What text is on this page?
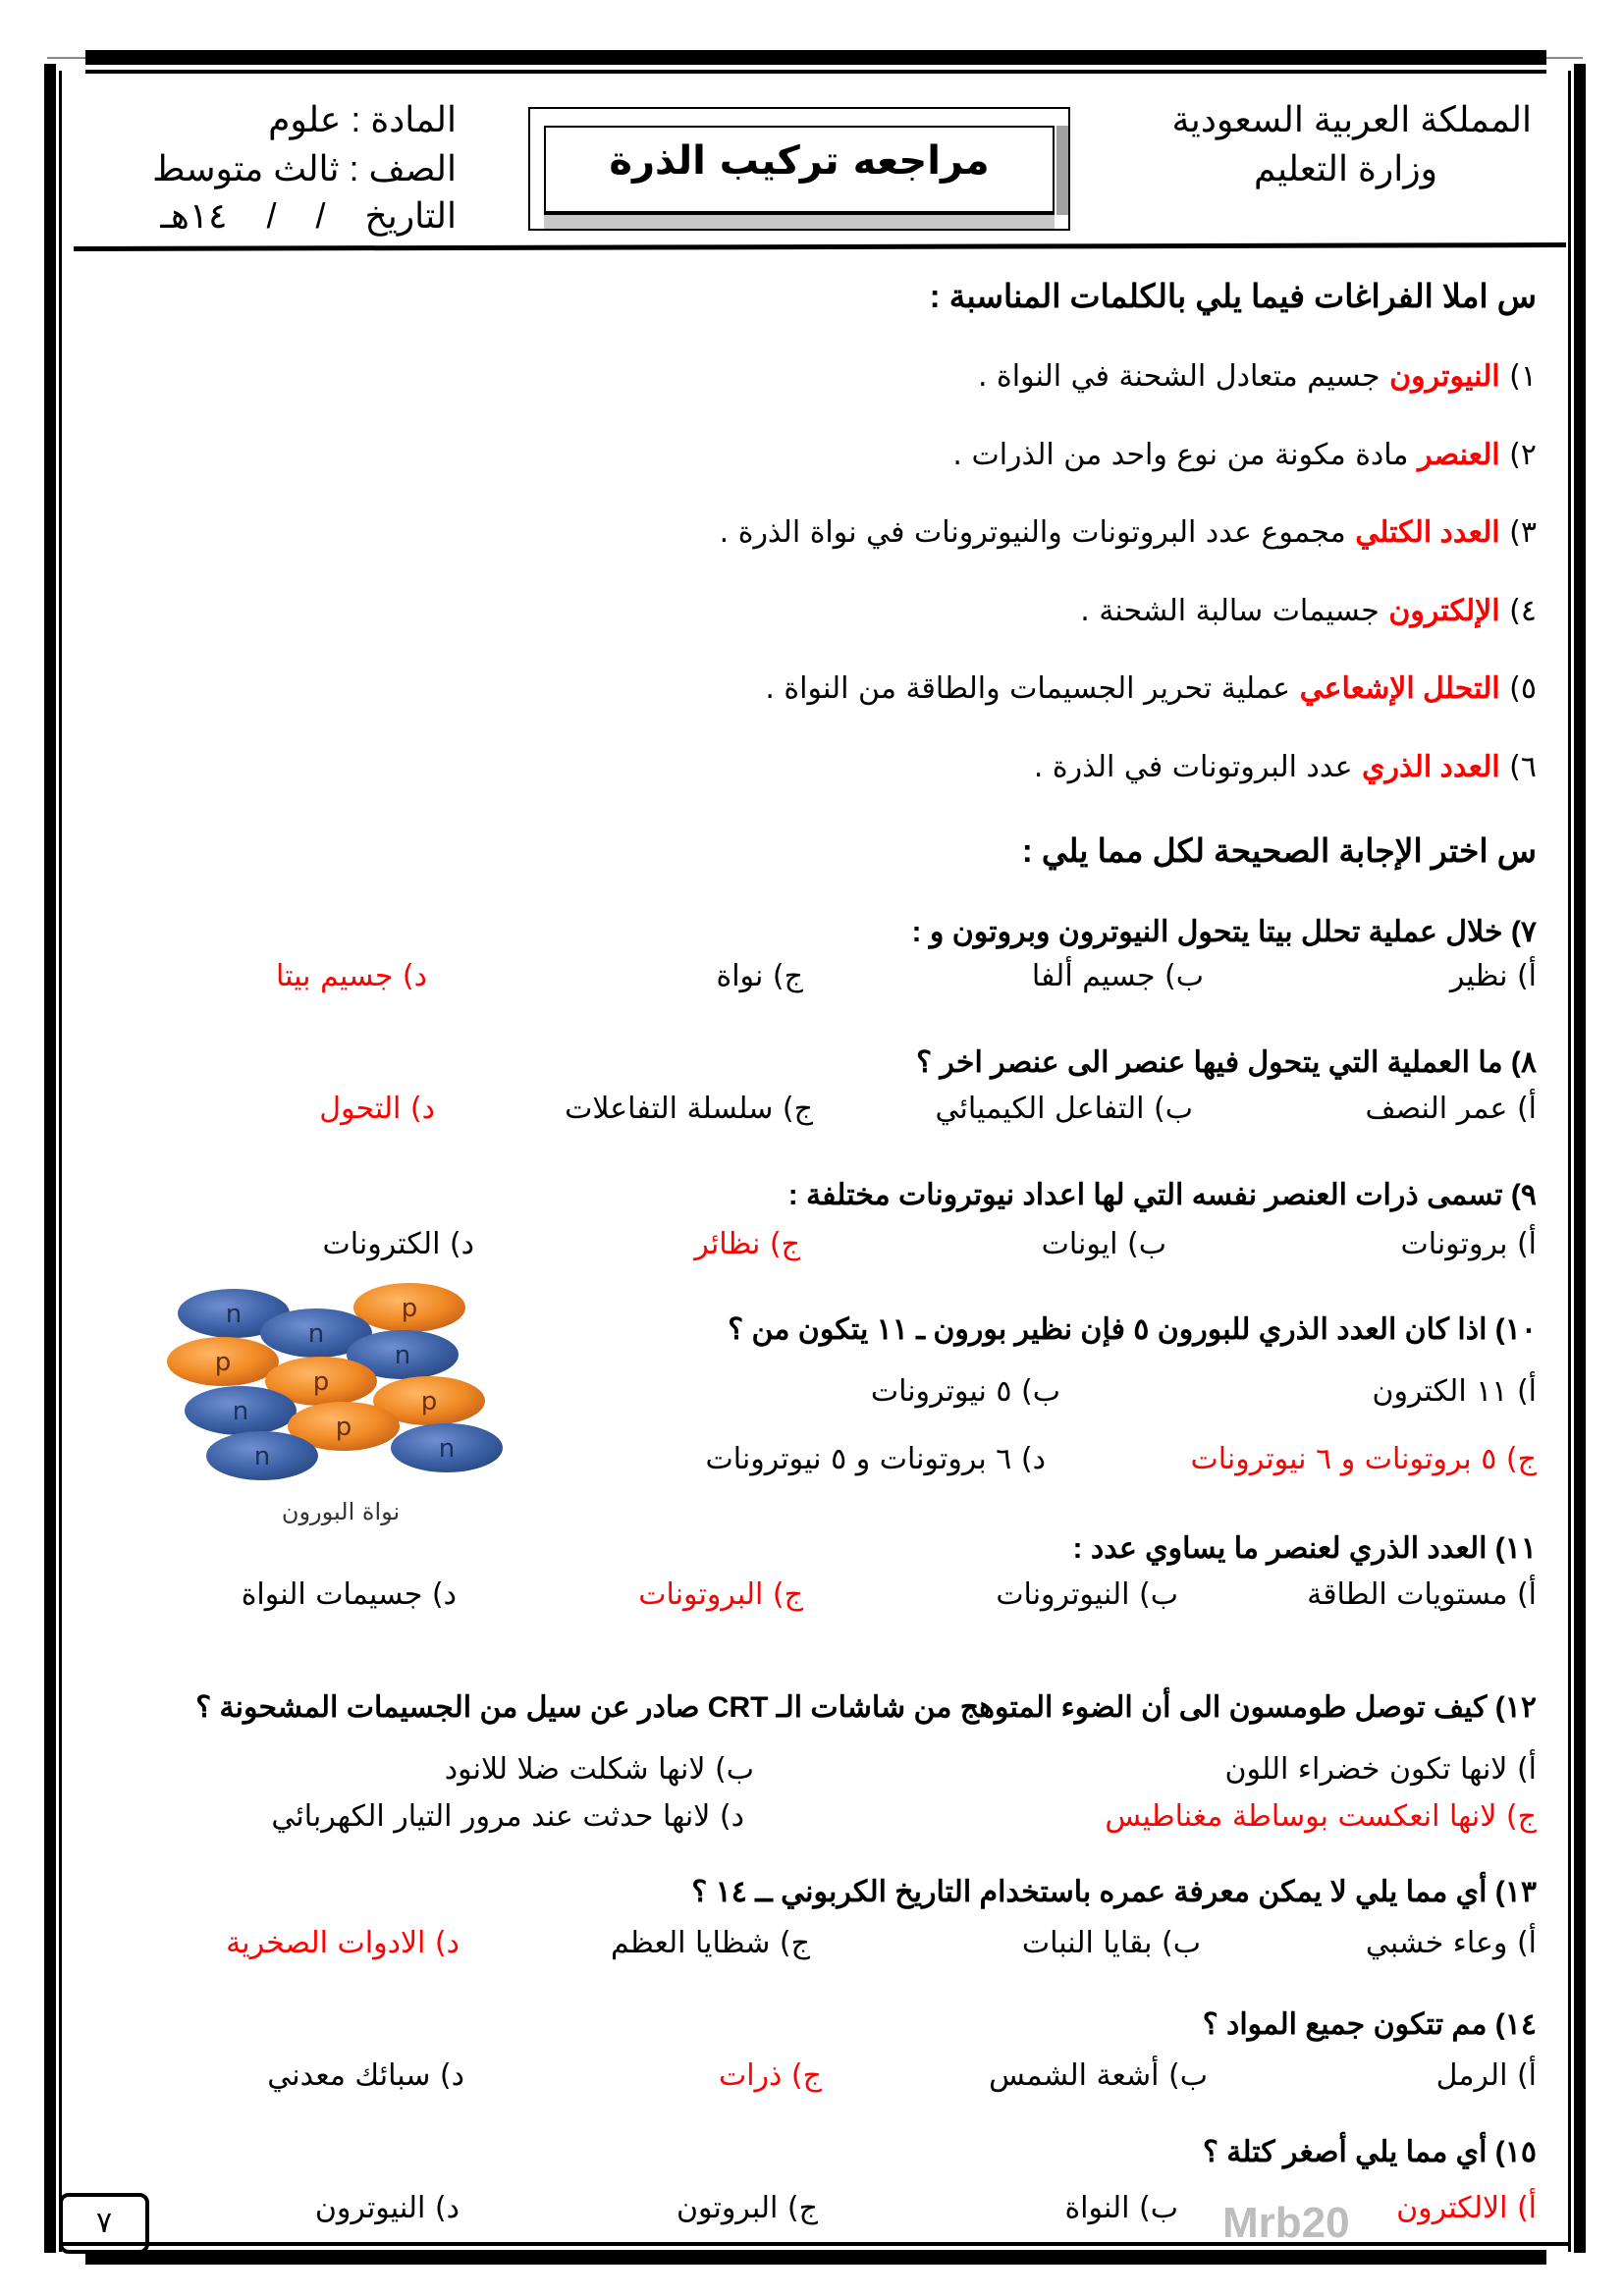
المملكة العربية السعودية
وزارة التعليم
مراجعه تركيب الذرة
المادة : علوم
الصف : ثالث متوسط
التاريخ    /    /    ١٤هـ
س املا الفراغات فيما يلي بالكلمات المناسبة :
١) النيوترون جسيم متعادل الشحنة في النواة .
٢) العنصر مادة مكونة من نوع واحد من الذرات .
٣) العدد الكتلي مجموع عدد البروتونات والنيوترونات في نواة الذرة .
٤) الإلكترون جسيمات سالبة الشحنة .
٥) التحلل الإشعاعي عملية تحرير الجسيمات والطاقة من النواة .
٦) العدد الذري عدد البروتونات في الذرة .
س اختر الإجابة الصحيحة لكل مما يلي :
٧) خلال عملية تحلل بيتا يتحول النيوترون وبروتون و :
أ) نظير
ب) جسيم ألفا
ج) نواة
د) جسيم بيتا
٨) ما العملية التي يتحول فيها عنصر الى عنصر اخر ؟
أ) عمر النصف
ب) التفاعل الكيميائي
ج) سلسلة التفاعلات
د) التحول
٩) تسمى ذرات العنصر نفسه التي لها اعداد نيوترونات مختلفة :
أ) بروتونات
ب) ايونات
ج) نظائر
د) الكترونات
١٠) اذا كان العدد الذري للبورون ٥ فإن نظير بورون ـ ١١ يتكون من ؟
أ) ١١ الكترون
ب) ٥ نيوترونات
ج) ٥ بروتونات و ٦ نيوترونات
د) ٦ بروتونات و ٥ نيوترونات
١١) العدد الذري لعنصر ما يساوي عدد :
أ) مستويات الطاقة
ب) النيوترونات
ج) البروتونات
د) جسيمات النواة
١٢) كيف توصل طومسون الى أن الضوء المتوهج من شاشات الـ CRT صادر عن سيل من الجسيمات المشحونة ؟
أ) لانها تكون خضراء اللون
ب) لانها شكلت ضلا للانود
ج) لانها انعكست بوساطة مغناطيس
د) لانها حدثت عند مرور التيار الكهربائي
١٣) أي مما يلي لا يمكن معرفة عمره باستخدام التاريخ الكربوني ــ ١٤ ؟
أ) وعاء خشبي
ب) بقايا النبات
ج) شظايا العظم
د) الادوات الصخرية
١٤) مم تتكون جميع المواد ؟
أ) الرمل
ب) أشعة الشمس
ج) ذرات
د) سبائك معدني
١٥) أي مما يلي أصغر كتلة ؟
أ) الالكترون
ب) النواة
ج) البروتون
د) النيوترون
n	p
n
p	n
p
n	p
p
n	n
نواة البورون
Mrb20
٧
